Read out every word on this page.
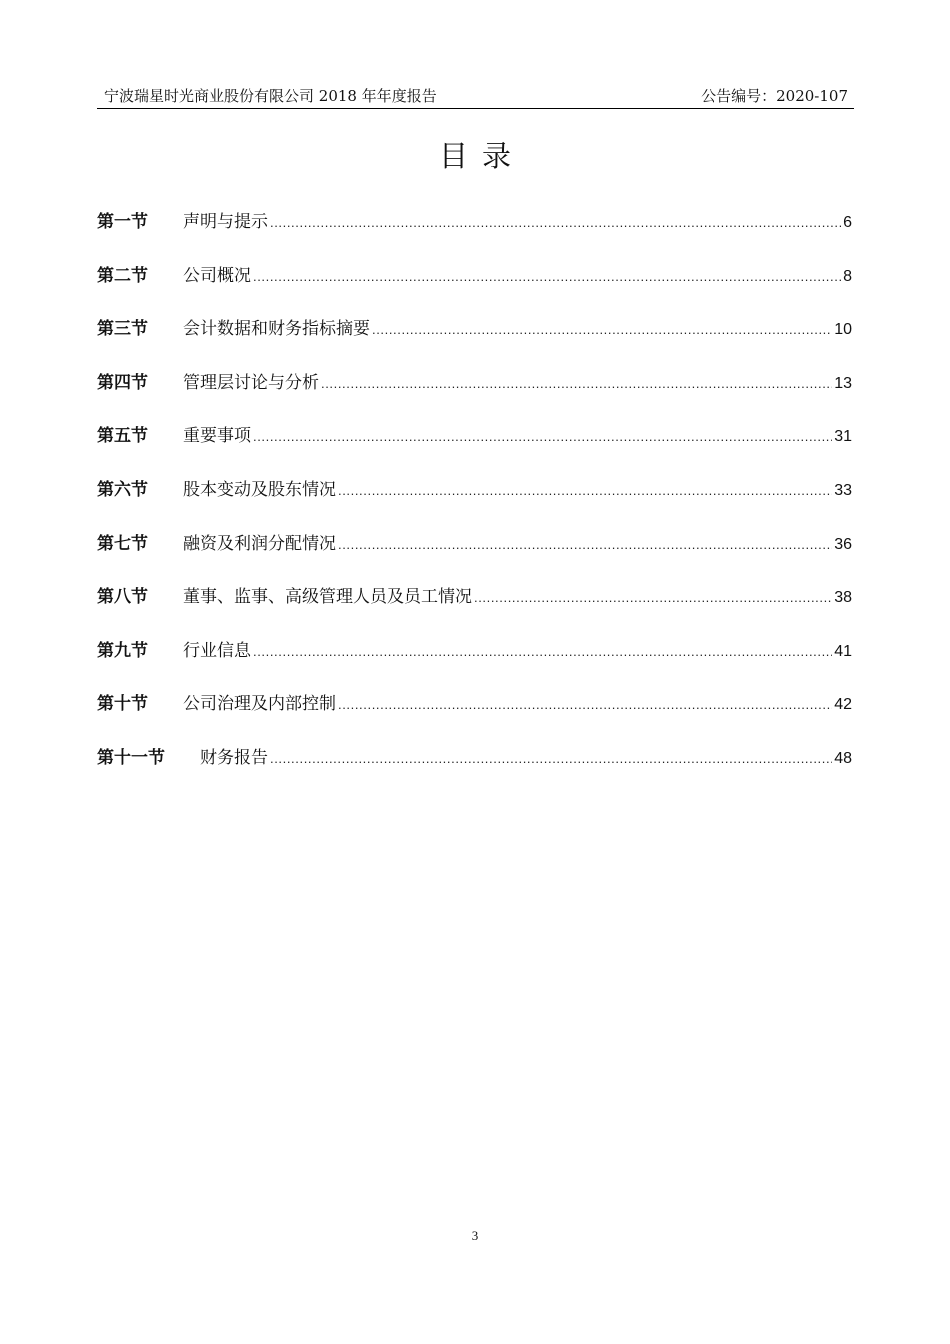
宁波瑞星时光商业股份有限公司 2018 年年度报告	公告编号：2020-107
目录
第一节	声明与提示 .....	6
第二节	公司概况 .....	8
第三节	会计数据和财务指标摘要 .....	10
第四节	管理层讨论与分析 .....	13
第五节	重要事项 .....	31
第六节	股本变动及股东情况 .....	33
第七节	融资及利润分配情况 .....	36
第八节	董事、监事、高级管理人员及员工情况 .....	38
第九节	行业信息 .....	41
第十节	公司治理及内部控制 .....	42
第十一节	财务报告 .....	48
3
